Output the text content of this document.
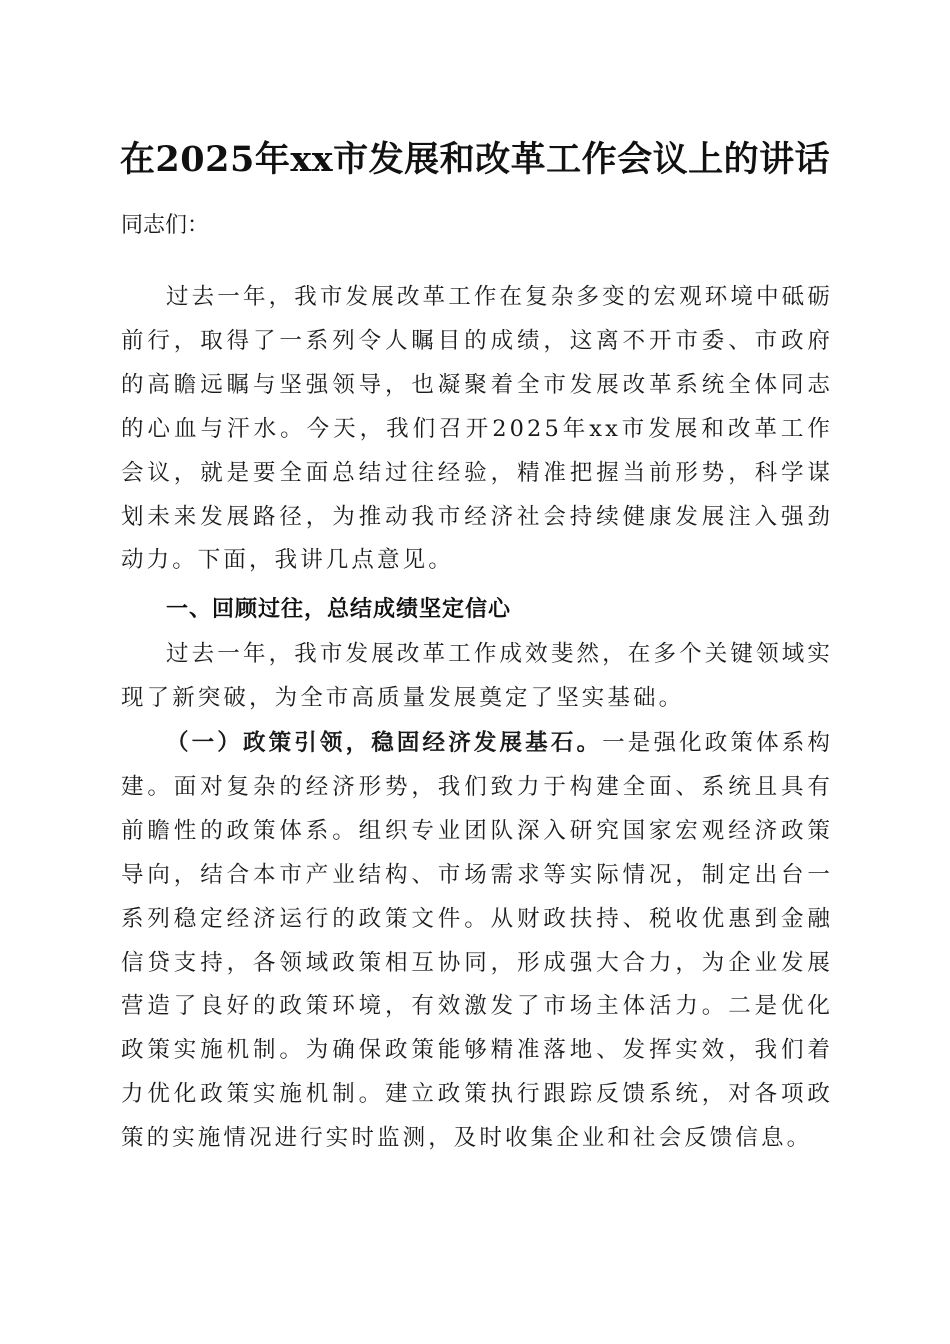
在2025年xx市发展和改革工作会议上的讲话
同志们：

过去一年，我市发展改革工作在复杂多变的宏观环境中砥砺前行，取得了一系列令人瞩目的成绩，这离不开市委、市政府的高瞻远瞩与坚强领导，也凝聚着全市发展改革系统全体同志的心血与汗水。今天，我们召开2025年xx市发展和改革工作会议，就是要全面总结过往经验，精准把握当前形势，科学谋划未来发展路径，为推动我市经济社会持续健康发展注入强劲动力。下面，我讲几点意见。

一、回顾过往，总结成绩坚定信心

过去一年，我市发展改革工作成效斐然，在多个关键领域实现了新突破，为全市高质量发展奠定了坚实基础。

（一）政策引领，稳固经济发展基石。一是强化政策体系构建。面对复杂的经济形势，我们致力于构建全面、系统且具有前瞻性的政策体系。组织专业团队深入研究国家宏观经济政策导向，结合本市产业结构、市场需求等实际情况，制定出台一系列稳定经济运行的政策文件。从财政扶持、税收优惠到金融信贷支持，各领域政策相互协同，形成强大合力，为企业发展营造了良好的政策环境，有效激发了市场主体活力。二是优化政策实施机制。为确保政策能够精准落地、发挥实效，我们着力优化政策实施机制。建立政策执行跟踪反馈系统，对各项政策的实施情况进行实时监测，及时收集企业和社会反馈信息。
